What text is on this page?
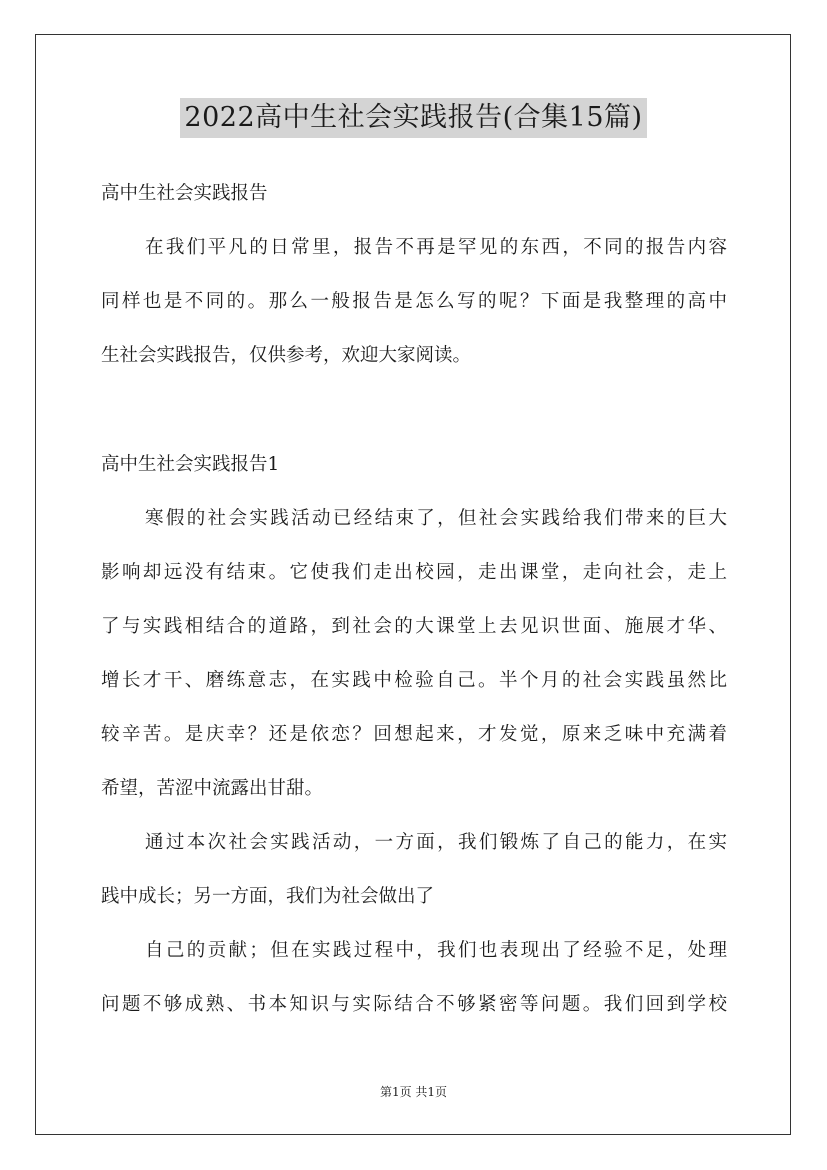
2022高中生社会实践报告(合集15篇)
高中生社会实践报告
在我们平凡的日常里，报告不再是罕见的东西，不同的报告内容
同样也是不同的。那么一般报告是怎么写的呢？下面是我整理的高中
生社会实践报告，仅供参考，欢迎大家阅读。
高中生社会实践报告1
寒假的社会实践活动已经结束了，但社会实践给我们带来的巨大
影响却远没有结束。它使我们走出校园，走出课堂，走向社会，走上
了与实践相结合的道路，到社会的大课堂上去见识世面、施展才华、
增长才干、磨练意志，在实践中检验自己。半个月的社会实践虽然比
较辛苦。是庆幸？还是依恋？回想起来，才发觉，原来乏味中充满着
希望，苦涩中流露出甘甜。
通过本次社会实践活动，一方面，我们锻炼了自己的能力，在实
践中成长；另一方面，我们为社会做出了
自己的贡献；但在实践过程中，我们也表现出了经验不足，处理
问题不够成熟、书本知识与实际结合不够紧密等问题。我们回到学校
第1页 共1页
